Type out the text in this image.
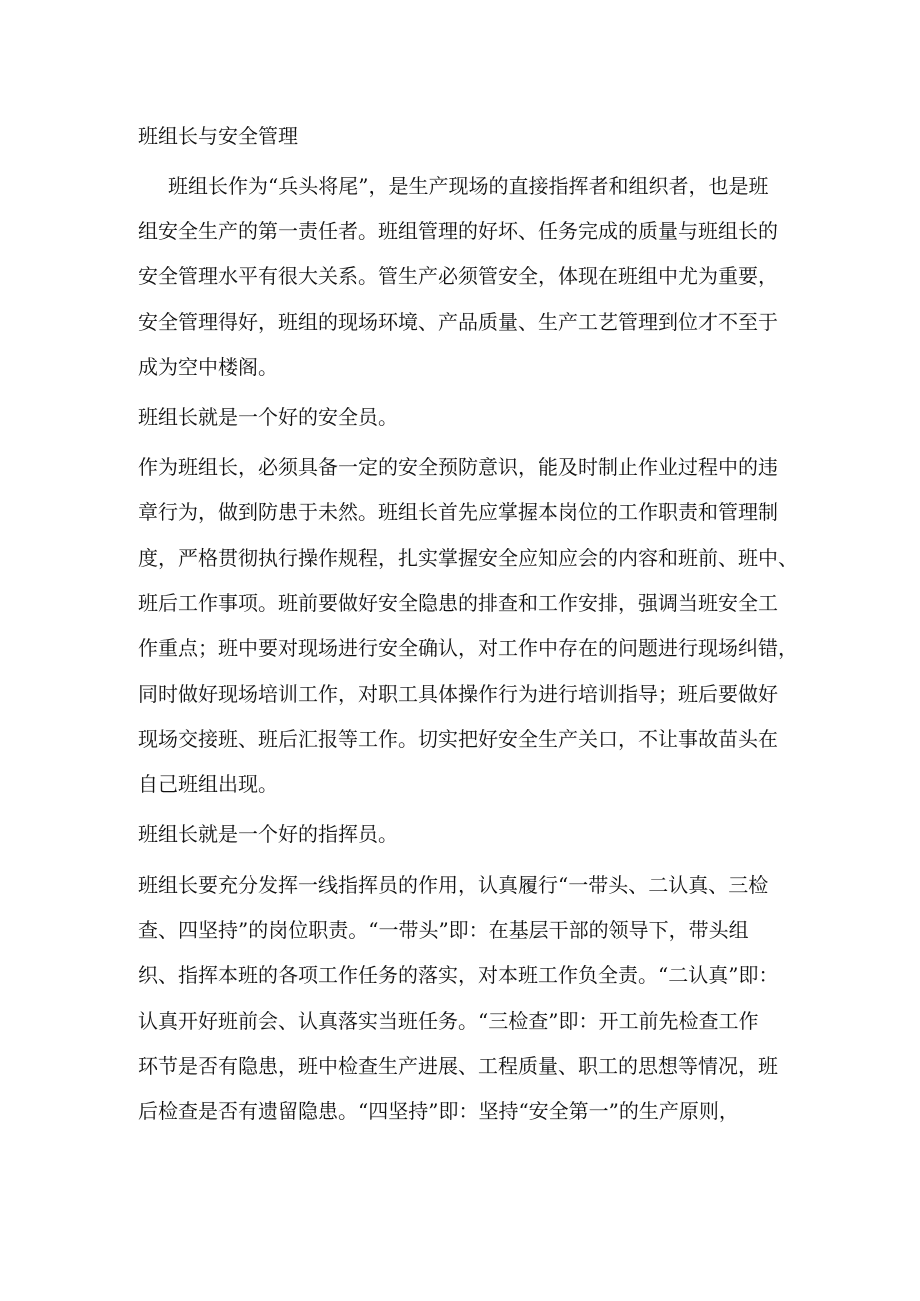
班组长与安全管理

班组长作为“兵头将尾”，是生产现场的直接指挥者和组织者，也是班

组安全生产的第一责任者。班组管理的好坏、任务完成的质量与班组长的

安全管理水平有很大关系。管生产必须管安全，体现在班组中尤为重要，

安全管理得好，班组的现场环境、产品质量、生产工艺管理到位才不至于

成为空中楼阁。

班组长就是一个好的安全员。

作为班组长，必须具备一定的安全预防意识，能及时制止作业过程中的违

章行为，做到防患于未然。班组长首先应掌握本岗位的工作职责和管理制

度，严格贯彻执行操作规程，扎实掌握安全应知应会的内容和班前、班中、

班后工作事项。班前要做好安全隐患的排查和工作安排，强调当班安全工

作重点；班中要对现场进行安全确认，对工作中存在的问题进行现场纠错，

同时做好现场培训工作，对职工具体操作行为进行培训指导；班后要做好

现场交接班、班后汇报等工作。切实把好安全生产关口，不让事故苗头在

自己班组出现。

班组长就是一个好的指挥员。

班组长要充分发挥一线指挥员的作用，认真履行“一带头、二认真、三检

查、四坚持”的岗位职责。“一带头”即：在基层干部的领导下，带头组

织、指挥本班的各项工作任务的落实，对本班工作负全责。“二认真”即：

认真开好班前会、认真落实当班任务。“三检查”即：开工前先检查工作

环节是否有隐患，班中检查生产进展、工程质量、职工的思想等情况，班

后检查是否有遗留隐患。“四坚持”即：坚持“安全第一”的生产原则，
